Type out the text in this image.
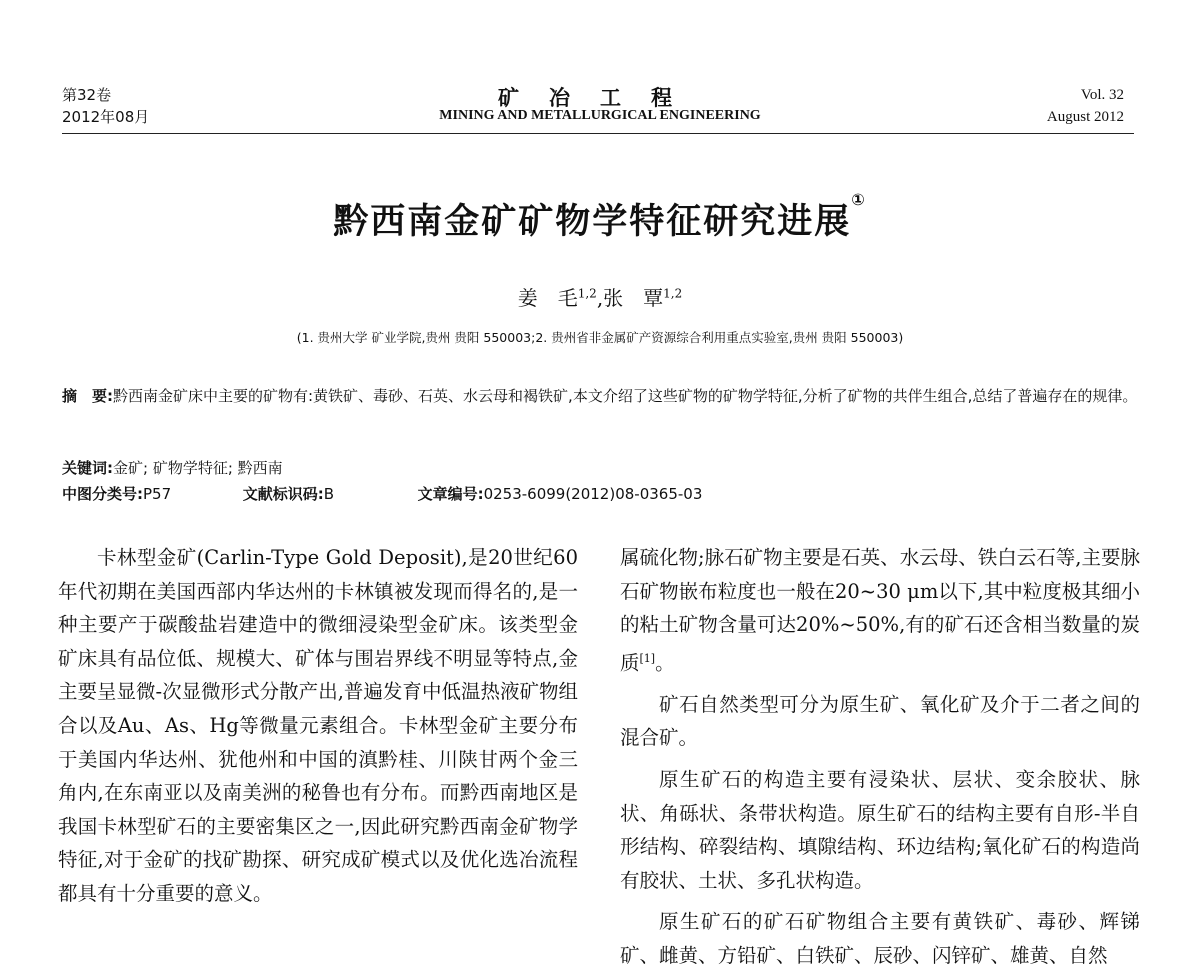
第32卷
2012年08月
矿冶工程
MINING AND METALLURGICAL ENGINEERING
Vol. 32
August 2012
黔西南金矿矿物学特征研究进展①
姜　毛$^{1,2}$,张　覃$^{1,2}$
(1. 贵州大学 矿业学院,贵州 贵阳 550003;2. 贵州省非金属矿产资源综合利用重点实验室,贵州 贵阳 550003)
摘　要:黔西南金矿床中主要的矿物有:黄铁矿、毒砂、石英、水云母和褐铁矿,本文介绍了这些矿物的矿物学特征,分析了矿物的共伴生组合,总结了普遍存在的规律。
关键词:金矿; 矿物学特征; 黔西南
中图分类号:P57	文献标识码:B	文章编号:0253-6099(2012)08-0365-03

卡林型金矿(Carlin-Type Gold Deposit),是20世纪60年代初期在美国西部内华达州的卡林镇被发现而得名的,是一种主要产于碳酸盐岩建造中的微细浸染型金矿床。该类型金矿床具有品位低、规模大、矿体与围岩界线不明显等特点,金主要呈显微-次显微形式分散产出,普遍发育中低温热液矿物组合以及Au、As、Hg等微量元素组合。卡林型金矿主要分布于美国内华达州、犹他州和中国的滇黔桂、川陕甘两个金三角内,在东南亚以及南美洲的秘鲁也有分布。而黔西南地区是我国卡林型矿石的主要密集区之一,因此研究黔西南金矿物学特征,对于金矿的找矿勘探、研究成矿模式以及优化选冶流程都具有十分重要的意义。

属硫化物;脉石矿物主要是石英、水云母、铁白云石等,主要脉石矿物嵌布粒度也一般在20~30 μm以下,其中粒度极其细小的粘土矿物含量可达20%~50%,有的矿石还含相当数量的炭质[1]。

矿石自然类型可分为原生矿、氧化矿及介于二者之间的混合矿。

原生矿石的构造主要有浸染状、层状、变余胶状、脉状、角砾状、条带状构造。原生矿石的结构主要有自形-半自形结构、碎裂结构、填隙结构、环边结构;氧化矿石的构造尚有胶状、土状、多孔状构造。

原生矿石的矿石矿物组合主要有黄铁矿、毒砂、辉锑矿、雌黄、方铅矿、白铁矿、辰砂、闪锌矿、雄黄、自然
